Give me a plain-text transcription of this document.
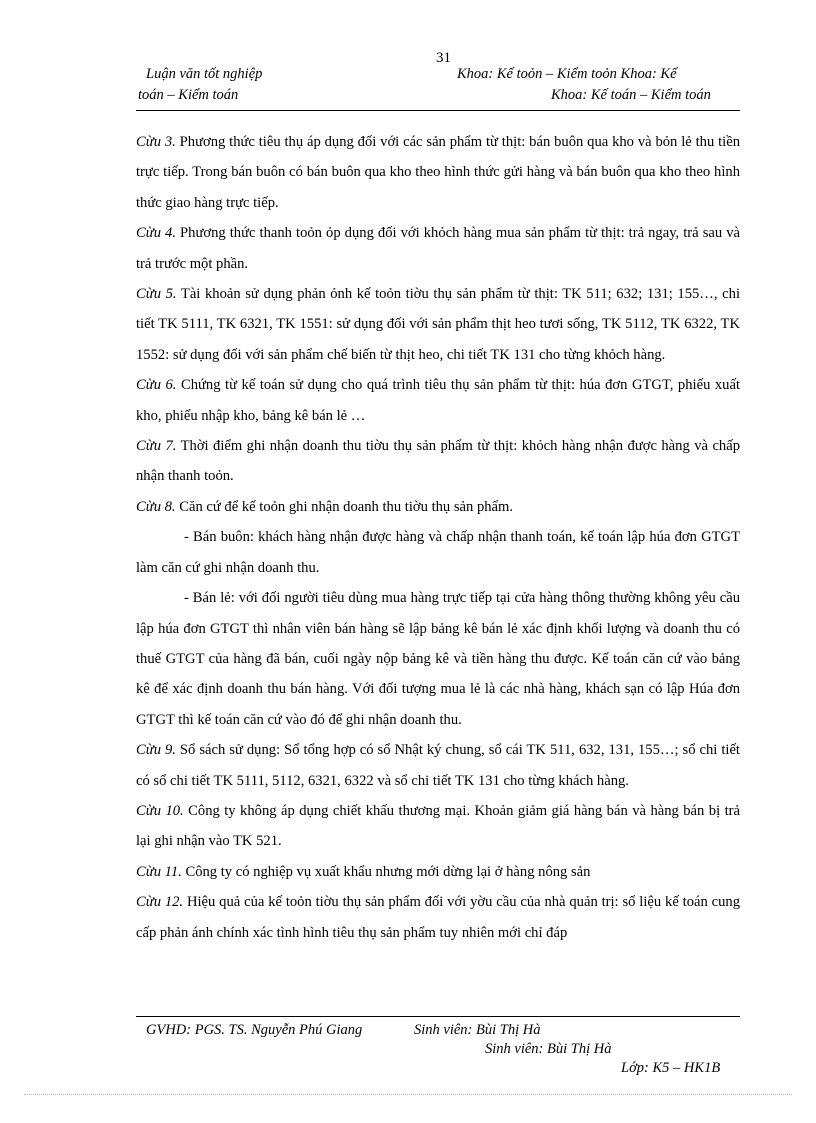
31
Luận văn tốt nghiệp	Khoa: Kế toỏn – Kiểm toỏn Khoa: Kế
toán – Kiểm toán	Khoa: Kế toán – Kiểm toán

Cừu 3. Phương thức tiêu thụ áp dụng đối với các sản phẩm từ thịt: bán buôn qua kho và bỏn lẻ thu tiền trực tiếp. Trong bán buôn có bán buôn qua kho theo hình thức gửi hàng và bán buôn qua kho theo hình thức giao hàng trực tiếp.

Cừu 4. Phương thức thanh toỏn ỏp dụng đối với khỏch hàng mua sản phẩm từ thịt: trả ngay, trả sau và trả trước một phần.

Cừu 5. Tài khoản sử dụng phản ỏnh kế toỏn tiờu thụ sản phẩm từ thịt: TK 511; 632; 131; 155…, chi tiết TK 5111, TK 6321, TK 1551: sử dụng đối với sản phẩm thịt heo tươi sống, TK 5112, TK 6322, TK 1552: sử dụng đối với sản phẩm chế biến từ thịt heo, chi tiết TK 131 cho từng khỏch hàng.

Cừu 6. Chứng từ kế toán sử dụng cho quá trình tiêu thụ sản phẩm từ thịt: húa đơn GTGT, phiếu xuất kho, phiếu nhập kho, bảng kê bán lẻ …

Cừu 7. Thời điểm ghi nhận doanh thu tiờu thụ sản phẩm từ thịt: khỏch hàng nhận được hàng và chấp nhận thanh toỏn.

Cừu 8. Căn cứ để kế toỏn ghi nhận doanh thu tiờu thụ sản phẩm.

- Bán buôn: khách hàng nhận được hàng và chấp nhận thanh toán, kế toán lập húa đơn GTGT làm căn cứ ghi nhận doanh thu.

- Bán lẻ: với đối người tiêu dùng mua hàng trực tiếp tại cửa hàng thông thường không yêu cầu lập húa đơn GTGT thì nhân viên bán hàng sẽ lập bảng kê bán lẻ xác định khối lượng và doanh thu có thuế GTGT của hàng đã bán, cuối ngày nộp bảng kê và tiền hàng thu được. Kế toán căn cứ vào bảng kê để xác định doanh thu bán hàng. Với đối tượng mua lẻ là các nhà hàng, khách sạn có lập Húa đơn GTGT thì kế toán căn cứ vào đó để ghi nhận doanh thu.

Cừu 9. Sổ sách sử dụng: Sổ tổng hợp có sổ Nhật ký chung, sổ cái TK 511, 632, 131, 155…; sổ chi tiết có sổ chi tiết TK 5111, 5112, 6321, 6322 và sổ chi tiết TK 131 cho từng khách hàng.

Cừu 10. Công ty không áp dụng chiết khấu thương mại. Khoản giảm giá hàng bán và hàng bán bị trả lại ghi nhận vào TK 521.

Cừu 11. Công ty có nghiệp vụ xuất khẩu nhưng mới dừng lại ở hàng nông sản

Cừu 12. Hiệu quả của kế toỏn tiờu thụ sản phẩm đối với yờu cầu của nhà quản trị: số liệu kế toán cung cấp phản ánh chính xác tình hình tiêu thụ sản phẩm tuy nhiên mới chỉ đáp

GVHD: PGS. TS. Nguyễn Phú Giang	Sinh viên: Bùi Thị Hà
Sinh viên: Bùi Thị Hà
Lớp: K5 – HK1B
